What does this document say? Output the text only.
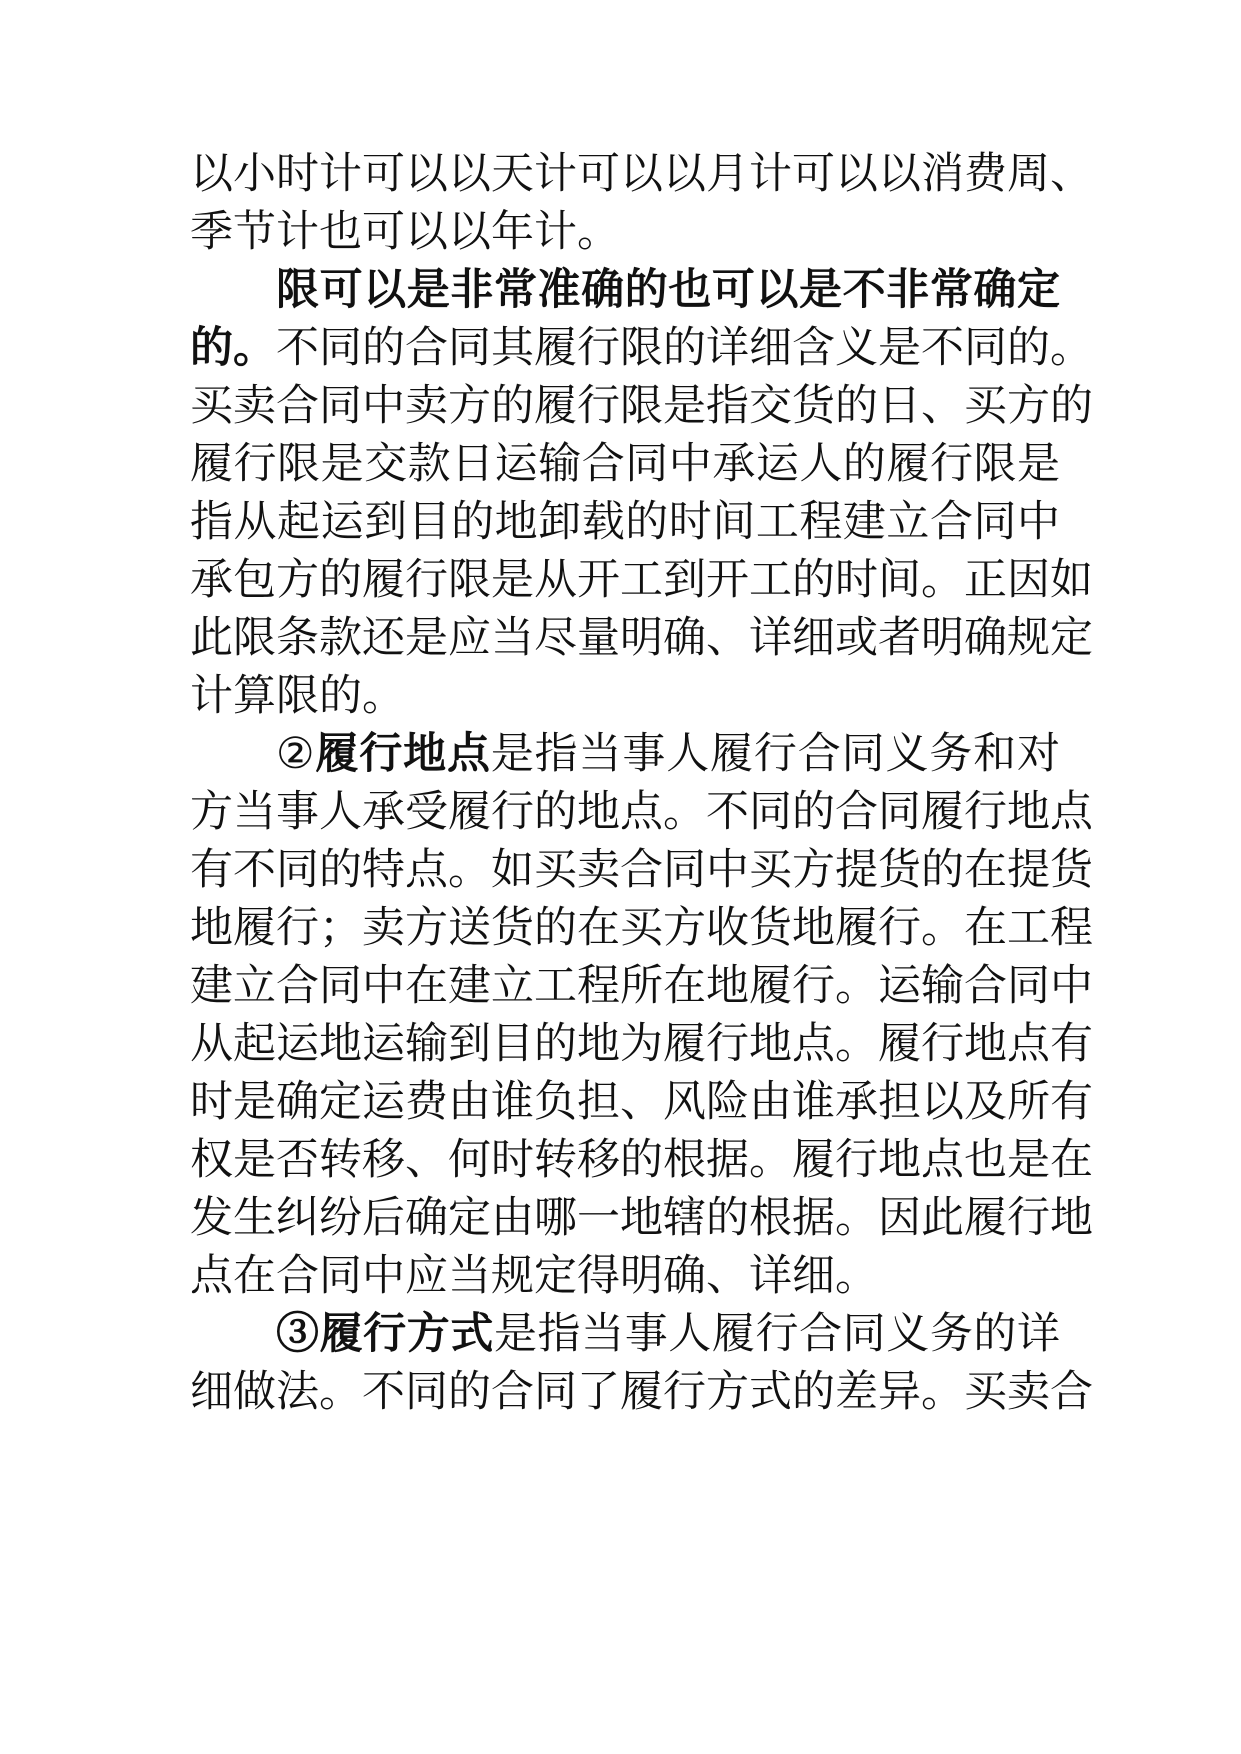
以小时计可以以天计可以以月计可以以消费周、
季节计也可以以年计。
限可以是非常准确的也可以是不非常确定
的。不同的合同其履行限的详细含义是不同的。
买卖合同中卖方的履行限是指交货的日、买方的
履行限是交款日运输合同中承运人的履行限是
指从起运到目的地卸载的时间工程建立合同中
承包方的履行限是从开工到开工的时间。正因如
此限条款还是应当尽量明确、详细或者明确规定
计算限的。
②履行地点是指当事人履行合同义务和对
方当事人承受履行的地点。不同的合同履行地点
有不同的特点。如买卖合同中买方提货的在提货
地履行；卖方送货的在买方收货地履行。在工程
建立合同中在建立工程所在地履行。运输合同中
从起运地运输到目的地为履行地点。履行地点有
时是确定运费由谁负担、风险由谁承担以及所有
权是否转移、何时转移的根据。履行地点也是在
发生纠纷后确定由哪一地辖的根据。因此履行地
点在合同中应当规定得明确、详细。
③履行方式是指当事人履行合同义务的详
细做法。不同的合同了履行方式的差异。买卖合
